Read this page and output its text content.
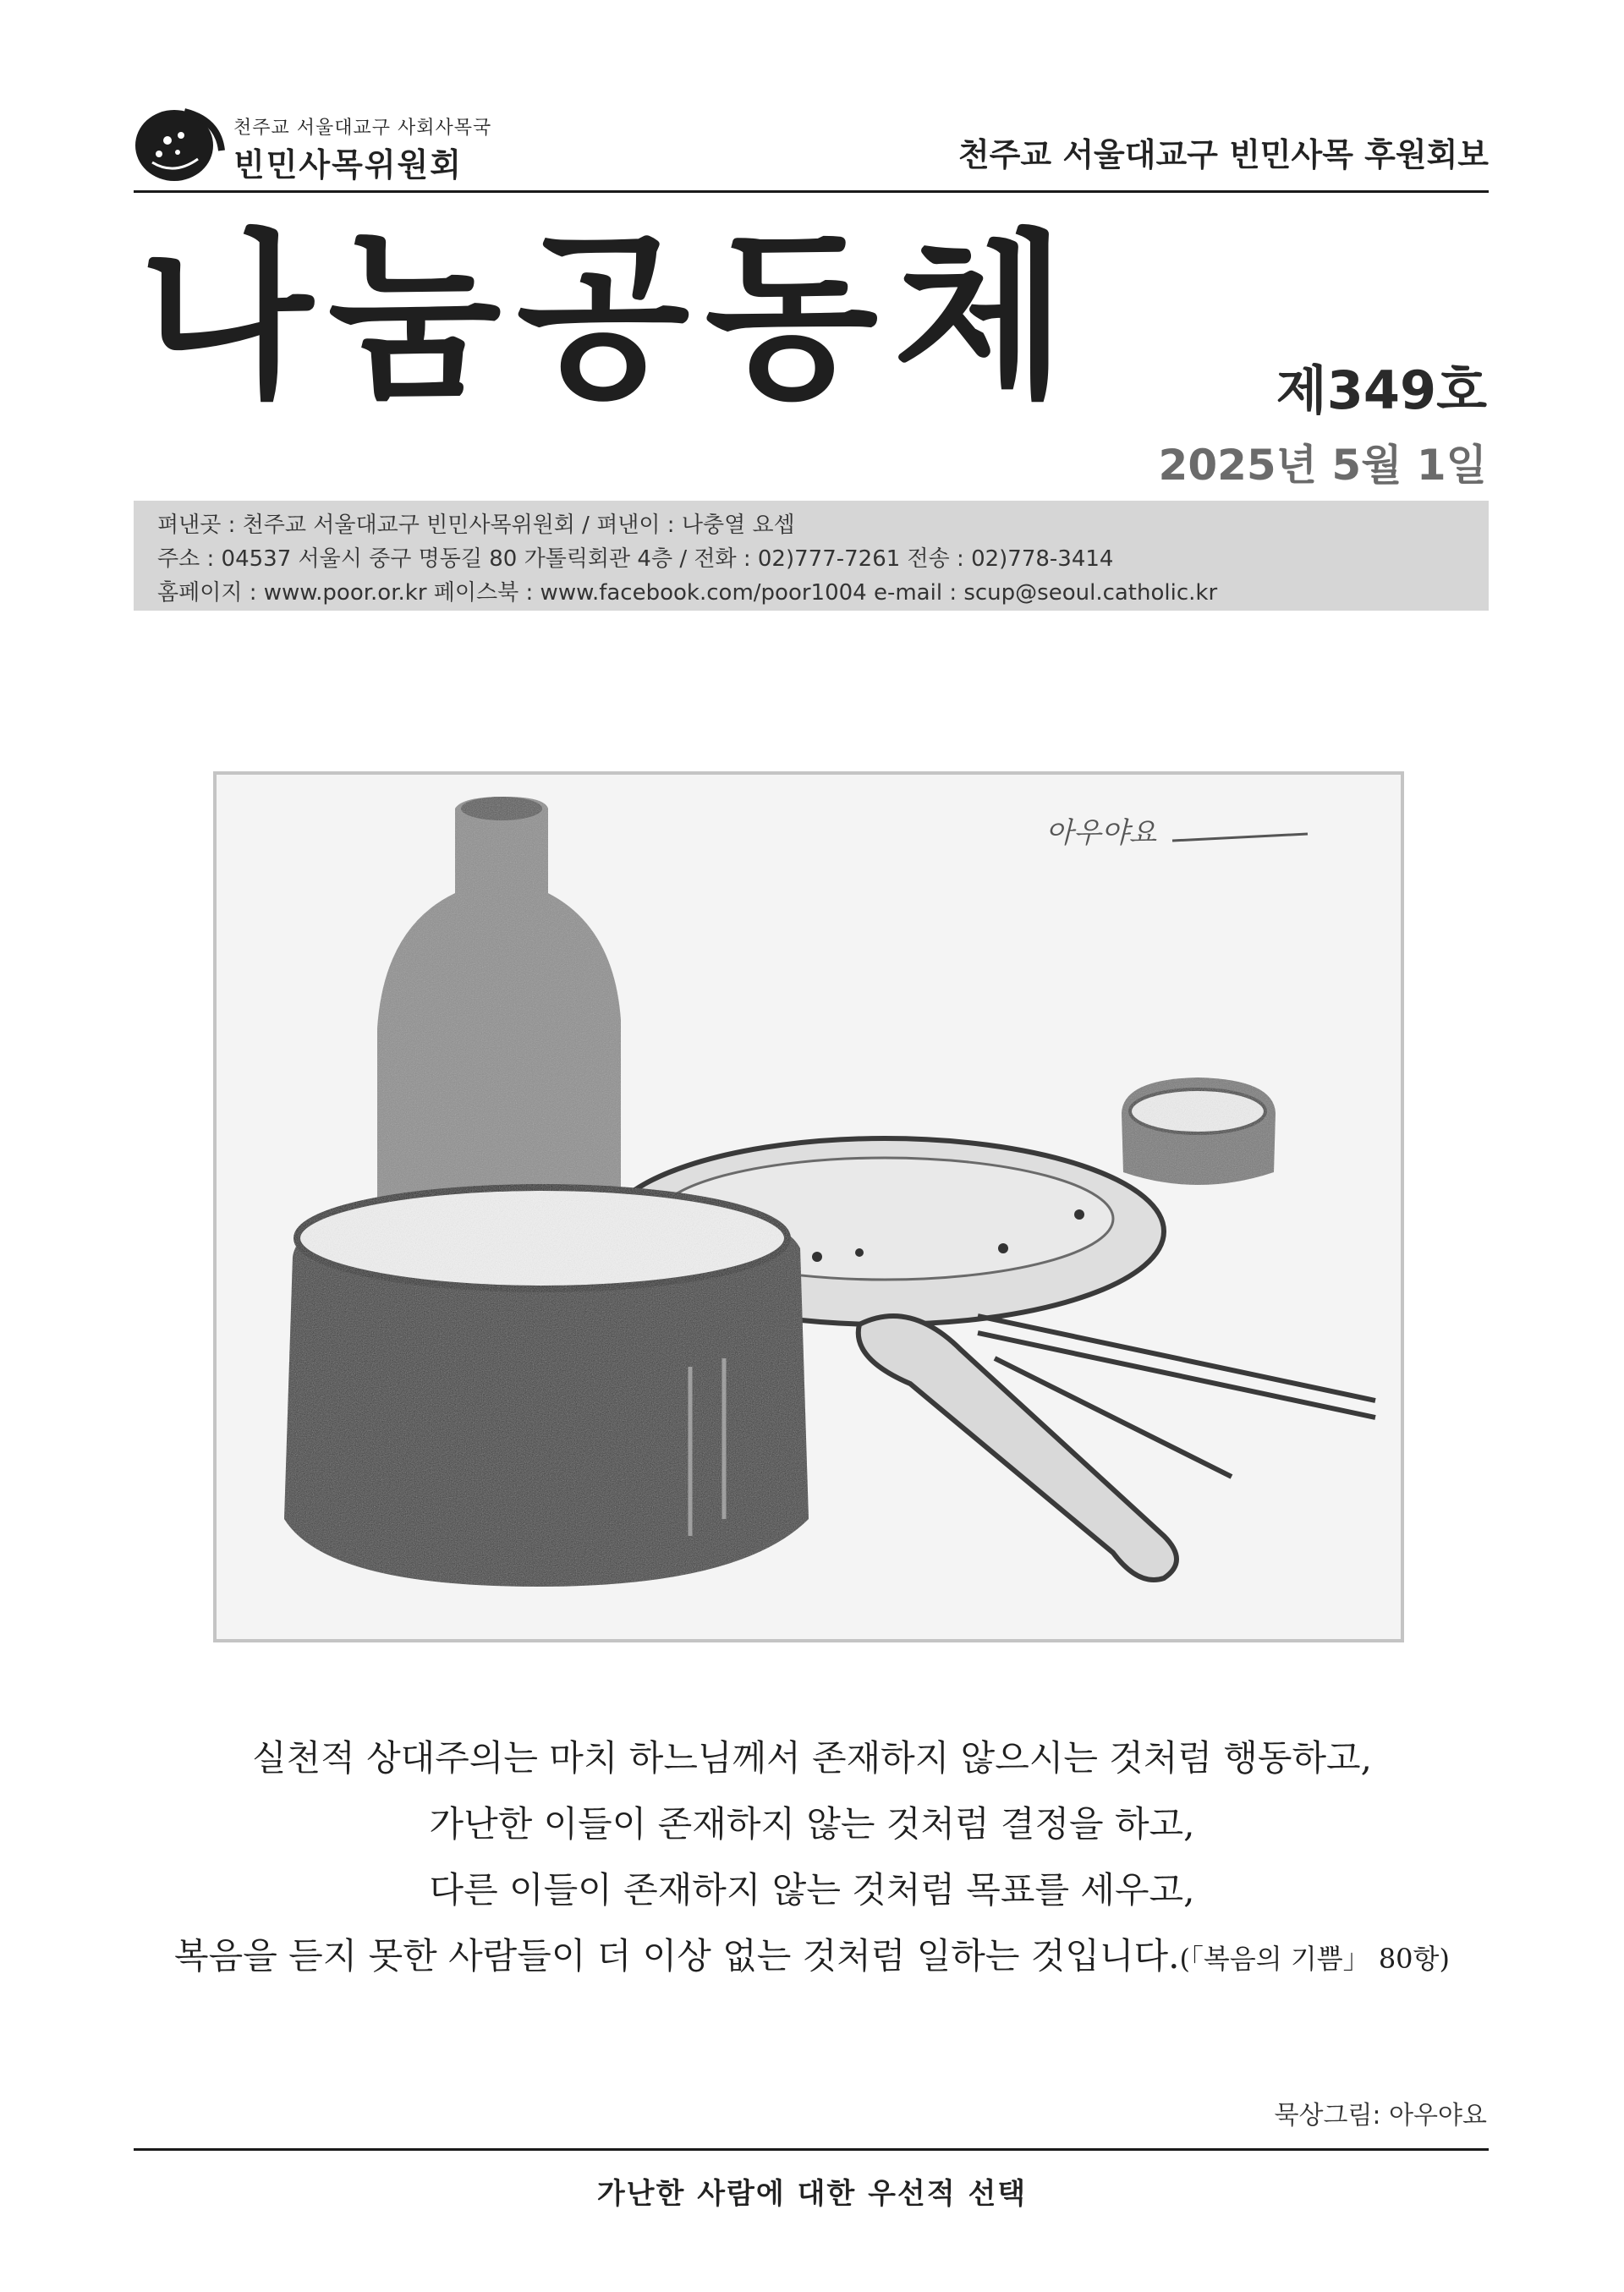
천주교 서울대교구 사회사목국
빈민사목위원회	천주교 서울대교구 빈민사목 후원회보
나눔공동체	제349호
2025년 5월 1일
펴낸곳 : 천주교 서울대교구 빈민사목위원회 / 펴낸이 : 나충열 요셉
주소 : 04537 서울시 중구 명동길 80 가톨릭회관 4층 / 전화 : 02)777-7261 전송 : 02)778-3414
홈페이지 : www.poor.or.kr 페이스북 : www.facebook.com/poor1004 e-mail : scup@seoul.catholic.kr
아우야요
실천적 상대주의는 마치 하느님께서 존재하지 않으시는 것처럼 행동하고,
가난한 이들이 존재하지 않는 것처럼 결정을 하고,
다른 이들이 존재하지 않는 것처럼 목표를 세우고,
복음을 듣지 못한 사람들이 더 이상 없는 것처럼 일하는 것입니다.(「복음의 기쁨」 80항)
묵상그림: 아우야요
가난한 사람에 대한 우선적 선택
